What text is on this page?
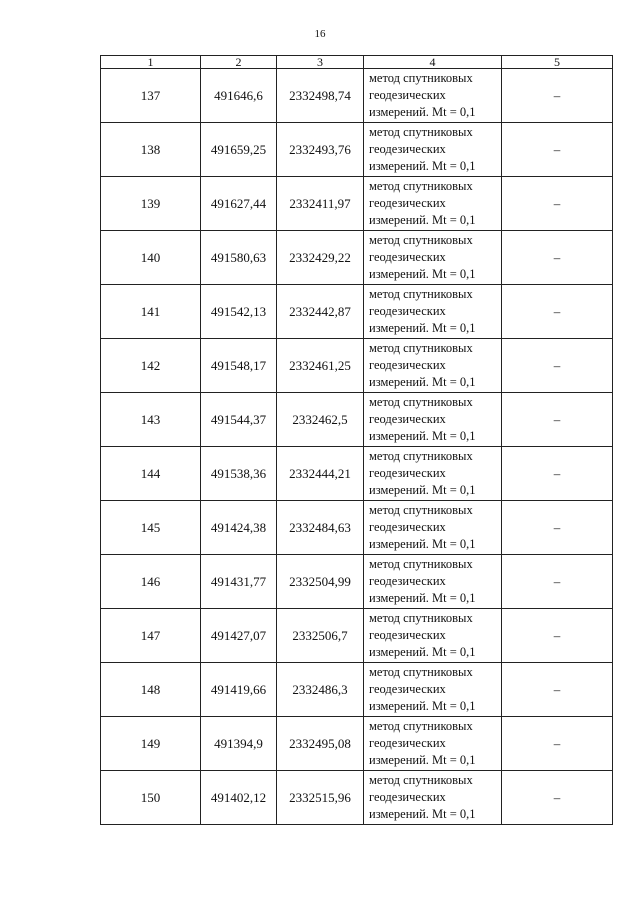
16
1	2	3	4	5
137	491646,6	2332498,74	метод спутниковых
геодезических
измерений. Mt = 0,1	–
138	491659,25	2332493,76	метод спутниковых
геодезических
измерений. Mt = 0,1	–
139	491627,44	2332411,97	метод спутниковых
геодезических
измерений. Mt = 0,1	–
140	491580,63	2332429,22	метод спутниковых
геодезических
измерений. Mt = 0,1	–
141	491542,13	2332442,87	метод спутниковых
геодезических
измерений. Mt = 0,1	–
142	491548,17	2332461,25	метод спутниковых
геодезических
измерений. Mt = 0,1	–
143	491544,37	2332462,5	метод спутниковых
геодезических
измерений. Mt = 0,1	–
144	491538,36	2332444,21	метод спутниковых
геодезических
измерений. Mt = 0,1	–
145	491424,38	2332484,63	метод спутниковых
геодезических
измерений. Mt = 0,1	–
146	491431,77	2332504,99	метод спутниковых
геодезических
измерений. Mt = 0,1	–
147	491427,07	2332506,7	метод спутниковых
геодезических
измерений. Mt = 0,1	–
148	491419,66	2332486,3	метод спутниковых
геодезических
измерений. Mt = 0,1	–
149	491394,9	2332495,08	метод спутниковых
геодезических
измерений. Mt = 0,1	–
150	491402,12	2332515,96	метод спутниковых
геодезических
измерений. Mt = 0,1	–
